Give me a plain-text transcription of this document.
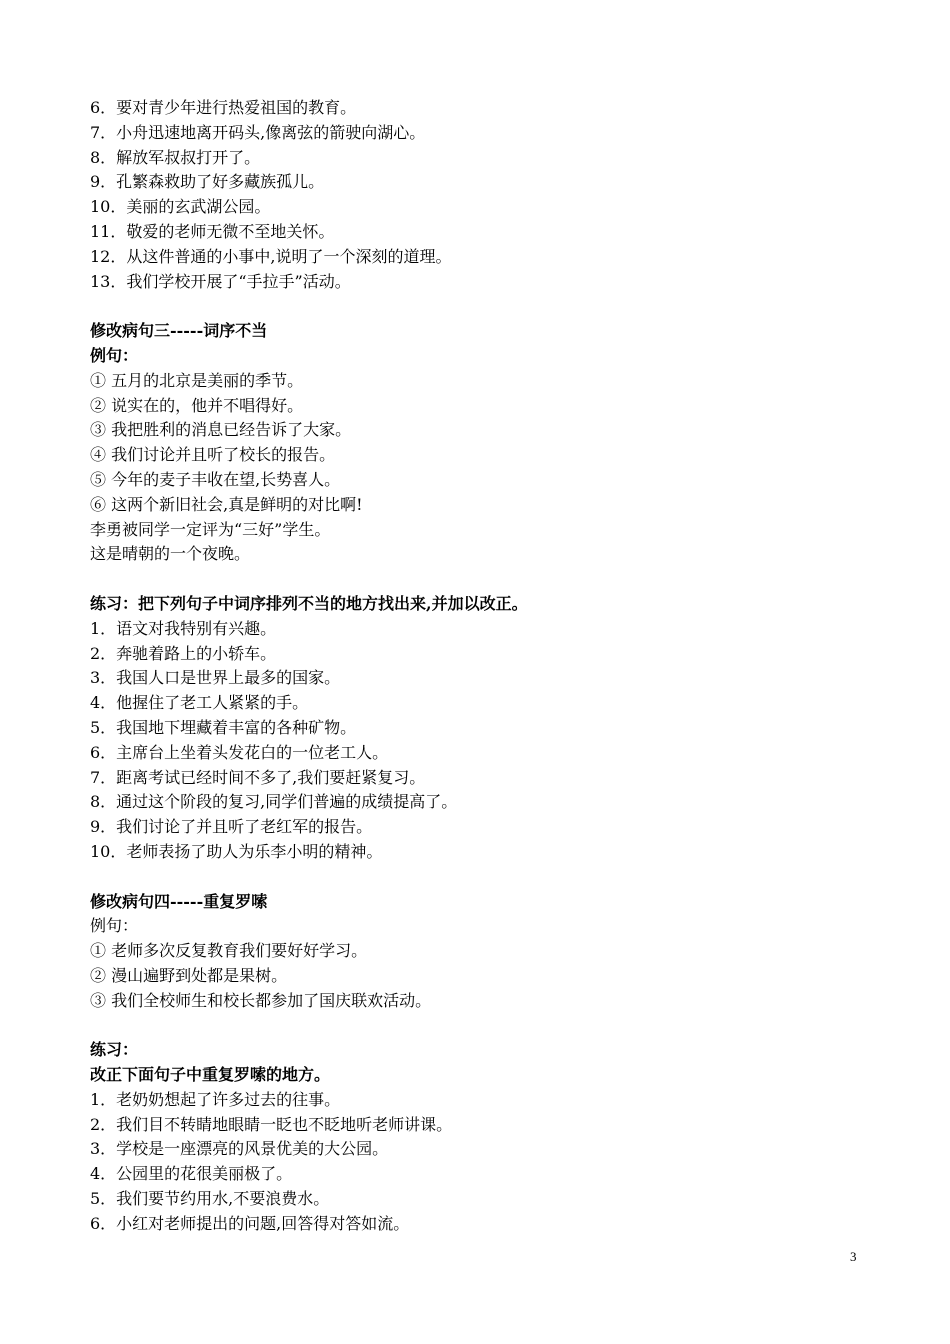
6．要对青少年进行热爱祖国的教育。
7．小舟迅速地离开码头,像离弦的箭驶向湖心。
8．解放军叔叔打开了。
9．孔繁森救助了好多藏族孤儿。
10．美丽的玄武湖公园。
11．敬爱的老师无微不至地关怀。
12．从这件普通的小事中,说明了一个深刻的道理。
13．我们学校开展了“手拉手”活动。
修改病句三-----词序不当
例句：
① 五月的北京是美丽的季节。
② 说实在的，他并不唱得好。
③ 我把胜利的消息已经告诉了大家。
④ 我们讨论并且听了校长的报告。
⑤ 今年的麦子丰收在望,长势喜人。
⑥ 这两个新旧社会,真是鲜明的对比啊!
李勇被同学一定评为“三好”学生。
这是晴朝的一个夜晚。
练习：把下列句子中词序排列不当的地方找出来,并加以改正。
1．语文对我特别有兴趣。
2．奔驰着路上的小轿车。
3．我国人口是世界上最多的国家。
4．他握住了老工人紧紧的手。
5．我国地下埋藏着丰富的各种矿物。
6．主席台上坐着头发花白的一位老工人。
7．距离考试已经时间不多了,我们要赶紧复习。
8．通过这个阶段的复习,同学们普遍的成绩提高了。
9．我们讨论了并且听了老红军的报告。
10．老师表扬了助人为乐李小明的精神。
修改病句四-----重复罗嗦
例句：
① 老师多次反复教育我们要好好学习。
② 漫山遍野到处都是果树。
③ 我们全校师生和校长都参加了国庆联欢活动。
练习：
改正下面句子中重复罗嗦的地方。
1．老奶奶想起了许多过去的往事。
2．我们目不转睛地眼睛一眨也不眨地听老师讲课。
3．学校是一座漂亮的风景优美的大公园。
4．公园里的花很美丽极了。
5．我们要节约用水,不要浪费水。
6．小红对老师提出的问题,回答得对答如流。
3
